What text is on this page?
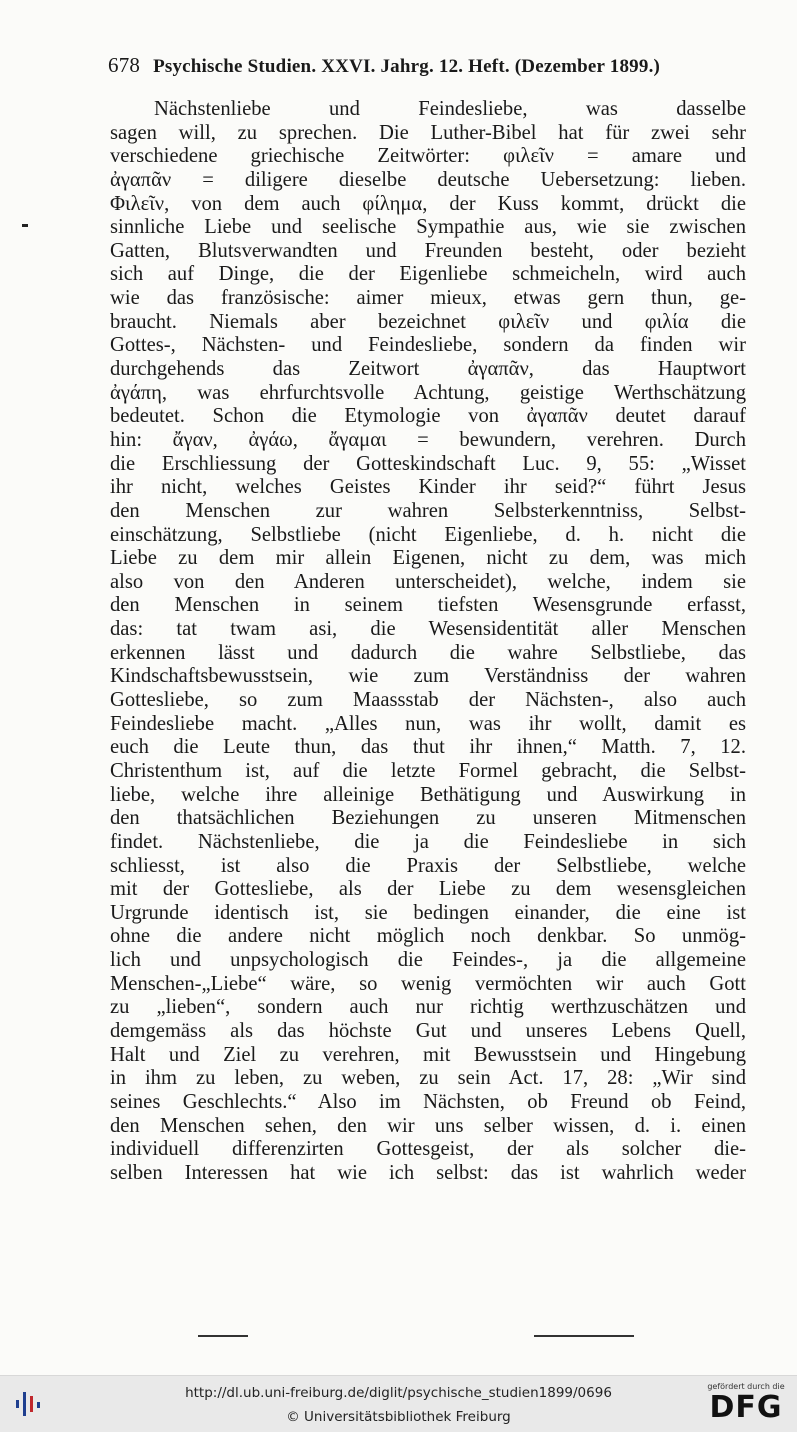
678 Psychische Studien. XXVI. Jahrg. 12. Heft. (Dezember 1899.)
Nächstenliebe und Feindesliebe, was dasselbe
sagen will, zu sprechen. Die Luther-Bibel hat für zwei sehr
verschiedene griechische Zeitwörter: φιλεῖν = amare und
ἀγαπᾶν = diligere dieselbe deutsche Uebersetzung: lieben.
Φιλεῖν, von dem auch φίλημα, der Kuss kommt, drückt die
sinnliche Liebe und seelische Sympathie aus, wie sie zwischen
Gatten, Blutsverwandten und Freunden besteht, oder bezieht
sich auf Dinge, die der Eigenliebe schmeicheln, wird auch
wie das französische: aimer mieux, etwas gern thun, ge-
braucht. Niemals aber bezeichnet φιλεῖν und φιλία die
Gottes-, Nächsten- und Feindesliebe, sondern da finden wir
durchgehends das Zeitwort ἀγαπᾶν, das Hauptwort
ἀγάπη, was ehrfurchtsvolle Achtung, geistige Werthschätzung
bedeutet. Schon die Etymologie von ἀγαπᾶν deutet darauf
hin: ἄγαν, ἀγάω, ἄγαμαι = bewundern, verehren. Durch
die Erschliessung der Gotteskindschaft Luc. 9, 55: „Wisset
ihr nicht, welches Geistes Kinder ihr seid?“ führt Jesus
den Menschen zur wahren Selbsterkenntniss, Selbst-
einschätzung, Selbstliebe (nicht Eigenliebe, d. h. nicht die
Liebe zu dem mir allein Eigenen, nicht zu dem, was mich
also von den Anderen unterscheidet), welche, indem sie
den Menschen in seinem tiefsten Wesensgrunde erfasst,
das: tat twam asi, die Wesensidentität aller Menschen
erkennen lässt und dadurch die wahre Selbstliebe, das
Kindschaftsbewusstsein, wie zum Verständniss der wahren
Gottesliebe, so zum Maassstab der Nächsten-, also auch
Feindesliebe macht. „Alles nun, was ihr wollt, damit es
euch die Leute thun, das thut ihr ihnen,“ Matth. 7, 12.
Christenthum ist, auf die letzte Formel gebracht, die Selbst-
liebe, welche ihre alleinige Bethätigung und Auswirkung in
den thatsächlichen Beziehungen zu unseren Mitmenschen
findet. Nächstenliebe, die ja die Feindesliebe in sich
schliesst, ist also die Praxis der Selbstliebe, welche
mit der Gottesliebe, als der Liebe zu dem wesensgleichen
Urgrunde identisch ist, sie bedingen einander, die eine ist
ohne die andere nicht möglich noch denkbar. So unmög-
lich und unpsychologisch die Feindes-, ja die allgemeine
Menschen-„Liebe“ wäre, so wenig vermöchten wir auch Gott
zu „lieben“, sondern auch nur richtig werthzuschätzen und
demgemäss als das höchste Gut und unseres Lebens Quell,
Halt und Ziel zu verehren, mit Bewusstsein und Hingebung
in ihm zu leben, zu weben, zu sein Act. 17, 28: „Wir sind
seines Geschlechts.“ Also im Nächsten, ob Freund ob Feind,
den Menschen sehen, den wir uns selber wissen, d. i. einen
individuell differenzirten Gottesgeist, der als solcher die-
selben Interessen hat wie ich selbst: das ist wahrlich weder
http://dl.ub.uni-freiburg.de/diglit/psychische_studien1899/0696
© Universitätsbibliothek Freiburg
gefördert durch die
DFG
